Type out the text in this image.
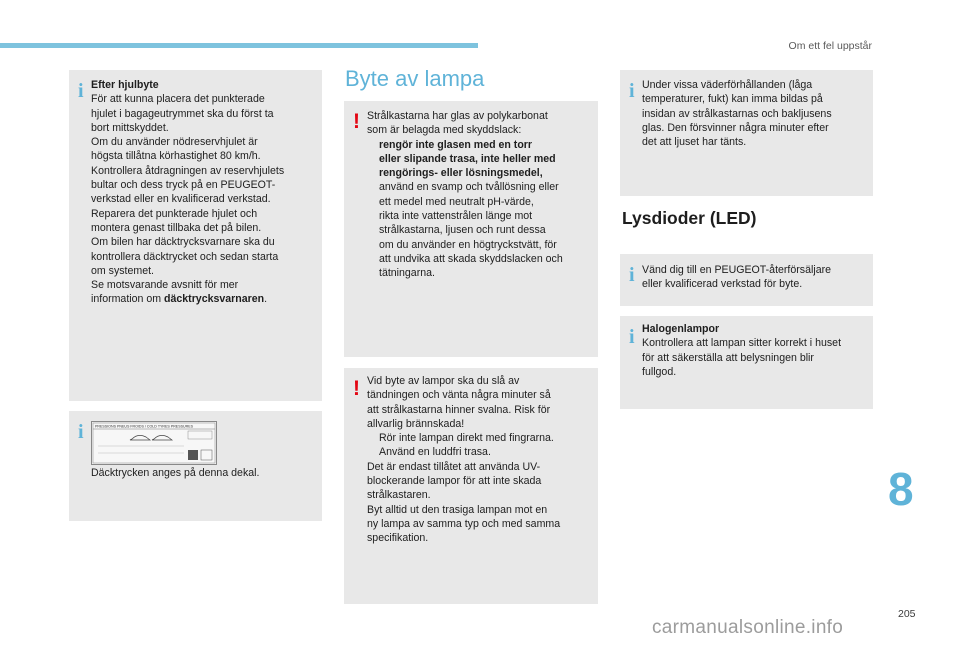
Om ett fel uppstår
i Efter hjulbyte

För att kunna placera det punkterade

hjulet i bagageutrymmet ska du först ta

bort mittskyddet.

Om du använder nödreservhjulet är

högsta tillåtna körhastighet 80 km/h.

Kontrollera åtdragningen av reservhjulets

bultar och dess tryck på en PEUGEOT-

verkstad eller en kvalificerad verkstad.

Reparera det punkterade hjulet och

montera genast tillbaka det på bilen.

Om bilen har däcktrycksvarnare ska du

kontrollera däcktrycket och sedan starta

om systemet.

Se motsvarande avsnitt för mer

information om däcktrycksvarnaren.

i	PRESSIONS PNEUS FROIDS / COLD TYRES PRESSURES
Däcktrycken anges på denna dekal.
Byte av lampa
! Strålkastarna har glas av polykarbonat

som är belagda med skyddslack:

rengör inte glasen med en torr

eller slipande trasa, inte heller med

rengörings- eller lösningsmedel,

använd en svamp och tvållösning eller

ett medel med neutralt pH-värde,

rikta inte vattenstrålen länge mot

strålkastarna, ljusen och runt dessa

om du använder en högtryckstvätt, för

att undvika att skada skyddslacken och

tätningarna.

! Vid byte av lampor ska du slå av

tändningen och vänta några minuter så

att strålkastarna hinner svalna. Risk för

allvarlig brännskada!

Rör inte lampan direkt med fingrarna.

Använd en luddfri trasa.

Det är endast tillåtet att använda UV-

blockerande lampor för att inte skada

strålkastaren.

Byt alltid ut den trasiga lampan mot en

ny lampa av samma typ och med samma

specifikation.

i Under vissa väderförhållanden (låga

temperaturer, fukt) kan imma bildas på

insidan av strålkastarnas och bakljusens

glas. Den försvinner några minuter efter

det att ljuset har tänts.

Lysdioder (LED)
i Vänd dig till en PEUGEOT-återförsäljare

eller kvalificerad verkstad för byte.

i Halogenlampor

Kontrollera att lampan sitter korrekt i huset

för att säkerställa att belysningen blir

fullgod.

8
205
carmanualsonline.info
